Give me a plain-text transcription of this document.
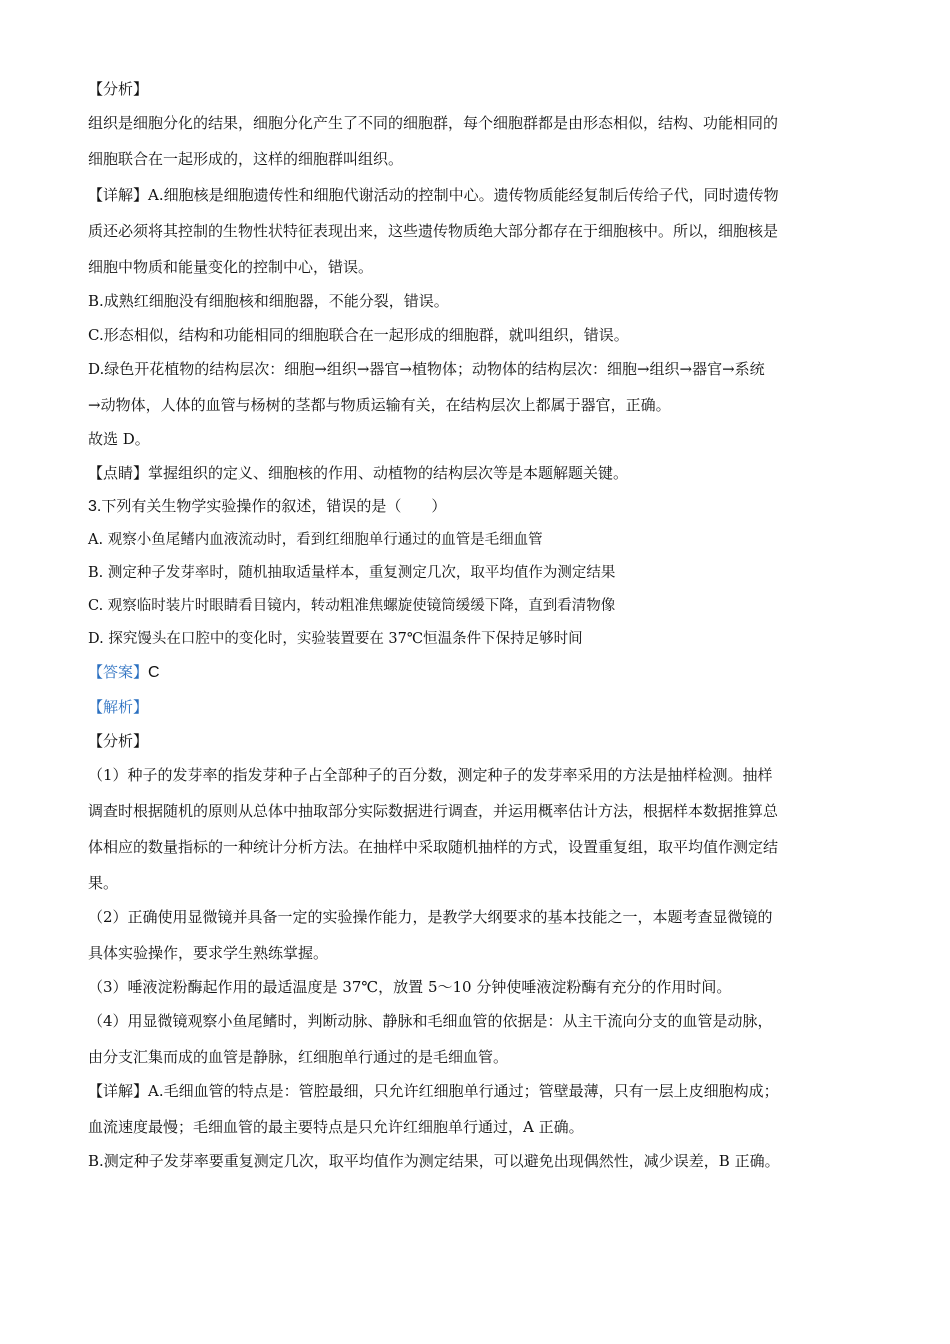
【分析】

组织是细胞分化的结果，细胞分化产生了不同的细胞群，每个细胞群都是由形态相似，结构、功能相同的

细胞联合在一起形成的，这样的细胞群叫组织。

【详解】A.细胞核是细胞遗传性和细胞代谢活动的控制中心。遗传物质能经复制后传给子代，同时遗传物

质还必须将其控制的生物性状特征表现出来，这些遗传物质绝大部分都存在于细胞核中。所以，细胞核是

细胞中物质和能量变化的控制中心，错误。

B.成熟红细胞没有细胞核和细胞器，不能分裂，错误。

C.形态相似，结构和功能相同的细胞联合在一起形成的细胞群，就叫组织，错误。

D.绿色开花植物的结构层次：细胞→组织→器官→植物体；动物体的结构层次：细胞→组织→器官→系统

→动物体，人体的血管与杨树的茎都与物质运输有关，在结构层次上都属于器官，正确。

故选 D。

【点睛】掌握组织的定义、细胞核的作用、动植物的结构层次等是本题解题关键。

3.下列有关生物学实验操作的叙述，错误的是（　　）

A. 观察小鱼尾鳍内血液流动时，看到红细胞单行通过的血管是毛细血管

B. 测定种子发芽率时，随机抽取适量样本，重复测定几次，取平均值作为测定结果

C. 观察临时装片时眼睛看目镜内，转动粗准焦螺旋使镜筒缓缓下降，直到看清物像

D. 探究馒头在口腔中的变化时，实验装置要在 37℃恒温条件下保持足够时间

【答案】C

【解析】

【分析】

（1）种子的发芽率的指发芽种子占全部种子的百分数，测定种子的发芽率采用的方法是抽样检测。抽样

调查时根据随机的原则从总体中抽取部分实际数据进行调查，并运用概率估计方法，根据样本数据推算总

体相应的数量指标的一种统计分析方法。在抽样中采取随机抽样的方式，设置重复组，取平均值作测定结

果。

（2）正确使用显微镜并具备一定的实验操作能力，是教学大纲要求的基本技能之一，本题考查显微镜的

具体实验操作，要求学生熟练掌握。

（3）唾液淀粉酶起作用的最适温度是 37℃，放置 5～10 分钟使唾液淀粉酶有充分的作用时间。

（4）用显微镜观察小鱼尾鳍时，判断动脉、静脉和毛细血管的依据是：从主干流向分支的血管是动脉，

由分支汇集而成的血管是静脉，红细胞单行通过的是毛细血管。

【详解】A.毛细血管的特点是：管腔最细，只允许红细胞单行通过；管壁最薄，只有一层上皮细胞构成；

血流速度最慢；毛细血管的最主要特点是只允许红细胞单行通过，A 正确。

B.测定种子发芽率要重复测定几次，取平均值作为测定结果，可以避免出现偶然性，减少误差，B 正确。
